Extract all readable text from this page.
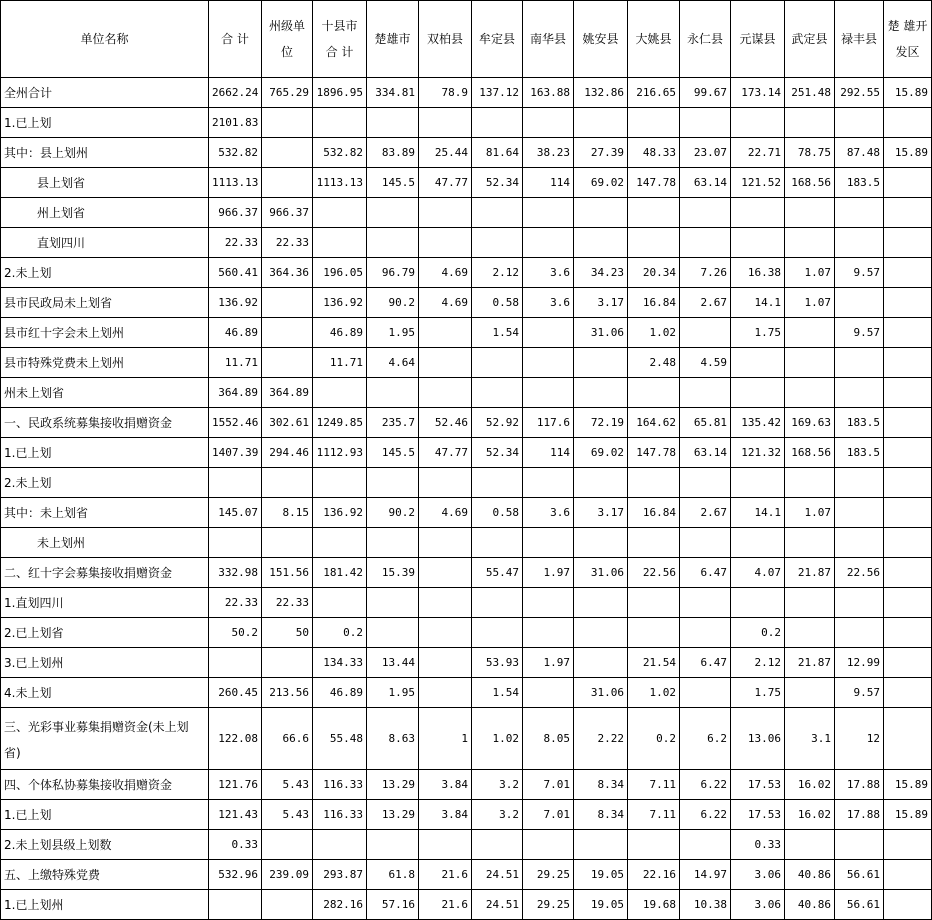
单位名称	合 计	州级单位	十县市合 计	楚雄市	双柏县	牟定县	南华县	姚安县	大姚县	永仁县	元谋县	武定县	禄丰县	楚 雄开发区
全州合计	2662.24	765.29	1896.95	334.81	78.9	137.12	163.88	132.86	216.65	99.67	173.14	251.48	292.55	15.89
1.已上划	2101.83													
其中：县上划州	532.82		532.82	83.89	25.44	81.64	38.23	27.39	48.33	23.07	22.71	78.75	87.48	15.89
县上划省	1113.13		1113.13	145.5	47.77	52.34	114	69.02	147.78	63.14	121.52	168.56	183.5	
州上划省	966.37	966.37												
直划四川	22.33	22.33												
2.未上划	560.41	364.36	196.05	96.79	4.69	2.12	3.6	34.23	20.34	7.26	16.38	1.07	9.57	
县市民政局未上划省	136.92		136.92	90.2	4.69	0.58	3.6	3.17	16.84	2.67	14.1	1.07		
县市红十字会未上划州	46.89		46.89	1.95		1.54		31.06	1.02		1.75		9.57	
县市特殊党费未上划州	11.71		11.71	4.64					2.48	4.59				
州未上划省	364.89	364.89												
一、民政系统募集接收捐赠资金	1552.46	302.61	1249.85	235.7	52.46	52.92	117.6	72.19	164.62	65.81	135.42	169.63	183.5	
1.已上划	1407.39	294.46	1112.93	145.5	47.77	52.34	114	69.02	147.78	63.14	121.32	168.56	183.5	
2.未上划														
其中：未上划省	145.07	8.15	136.92	90.2	4.69	0.58	3.6	3.17	16.84	2.67	14.1	1.07		
未上划州														
二、红十字会募集接收捐赠资金	332.98	151.56	181.42	15.39		55.47	1.97	31.06	22.56	6.47	4.07	21.87	22.56	
1.直划四川	22.33	22.33												
2.已上划省	50.2	50	0.2								0.2			
3.已上划州			134.33	13.44		53.93	1.97		21.54	6.47	2.12	21.87	12.99	
4.未上划	260.45	213.56	46.89	1.95		1.54		31.06	1.02		1.75		9.57	
三、光彩事业募集捐赠资金(未上划省)	122.08	66.6	55.48	8.63	1	1.02	8.05	2.22	0.2	6.2	13.06	3.1	12	
四、个体私协募集接收捐赠资金	121.76	5.43	116.33	13.29	3.84	3.2	7.01	8.34	7.11	6.22	17.53	16.02	17.88	15.89
1.已上划	121.43	5.43	116.33	13.29	3.84	3.2	7.01	8.34	7.11	6.22	17.53	16.02	17.88	15.89
2.未上划县级上划数	0.33										0.33			
五、上缴特殊党费	532.96	239.09	293.87	61.8	21.6	24.51	29.25	19.05	22.16	14.97	3.06	40.86	56.61	
1.已上划州			282.16	57.16	21.6	24.51	29.25	19.05	19.68	10.38	3.06	40.86	56.61	
